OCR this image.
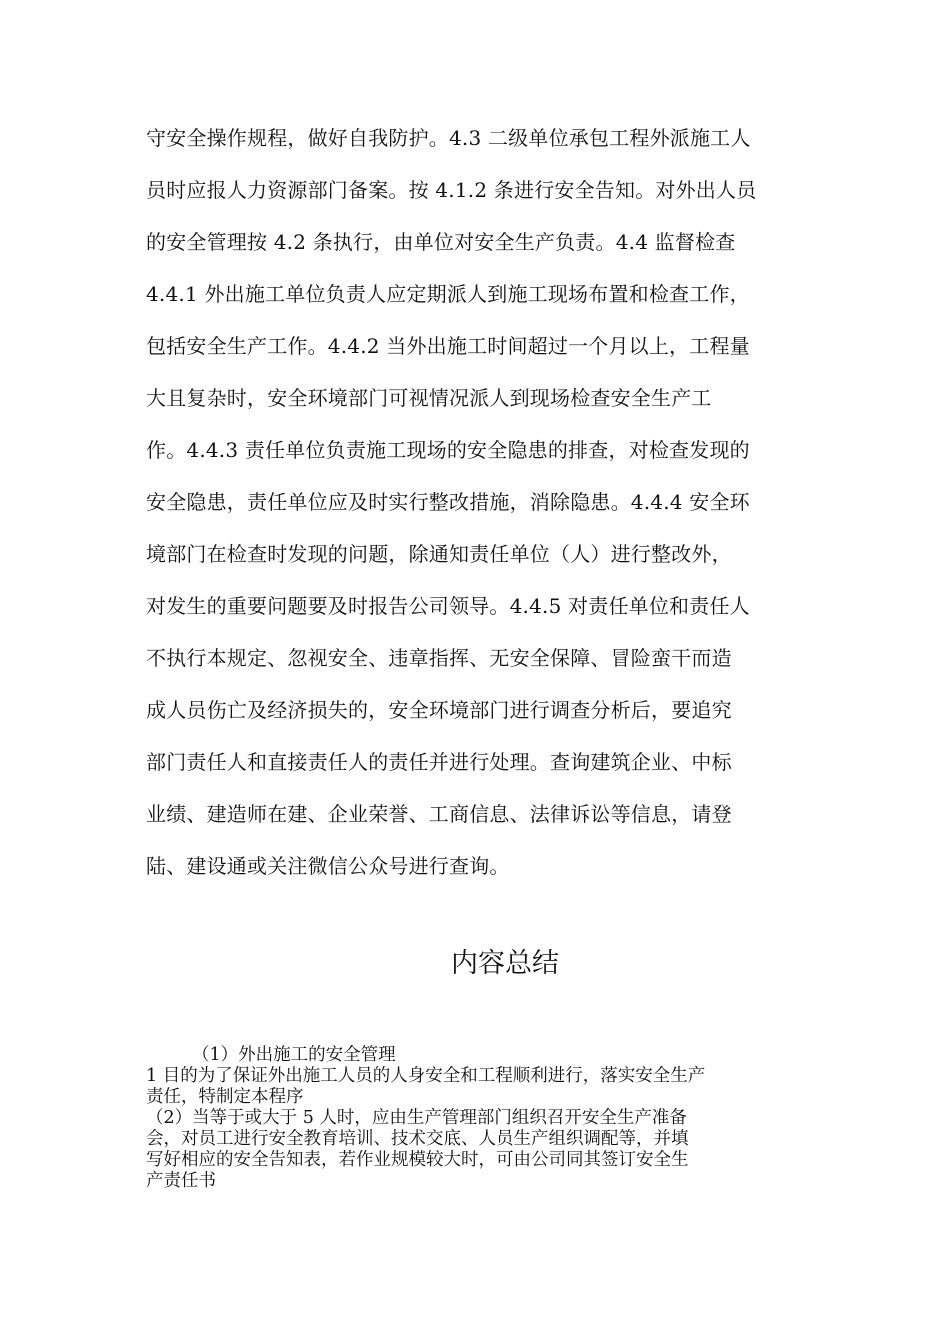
守安全操作规程，做好自我防护。4.3 二级单位承包工程外派施工人
员时应报人力资源部门备案。按 4.1.2 条进行安全告知。对外出人员
的安全管理按 4.2 条执行，由单位对安全生产负责。4.4 监督检查
4.4.1 外出施工单位负责人应定期派人到施工现场布置和检查工作，
包括安全生产工作。4.4.2 当外出施工时间超过一个月以上，工程量
大且复杂时，安全环境部门可视情况派人到现场检查安全生产工
作。4.4.3 责任单位负责施工现场的安全隐患的排查，对检查发现的
安全隐患，责任单位应及时实行整改措施，消除隐患。4.4.4 安全环
境部门在检查时发现的问题，除通知责任单位（人）进行整改外，
对发生的重要问题要及时报告公司领导。4.4.5 对责任单位和责任人
不执行本规定、忽视安全、违章指挥、无安全保障、冒险蛮干而造
成人员伤亡及经济损失的，安全环境部门进行调查分析后，要追究
部门责任人和直接责任人的责任并进行处理。查询建筑企业、中标
业绩、建造师在建、企业荣誉、工商信息、法律诉讼等信息，请登
陆、建设通或关注微信公众号进行查询。
内容总结
（1）外出施工的安全管理
1 目的为了保证外出施工人员的人身安全和工程顺利进行，落实安全生产
责任，特制定本程序
（2）当等于或大于 5 人时，应由生产管理部门组织召开安全生产准备
会，对员工进行安全教育培训、技术交底、人员生产组织调配等，并填
写好相应的安全告知表，若作业规模较大时，可由公司同其签订安全生
产责任书
